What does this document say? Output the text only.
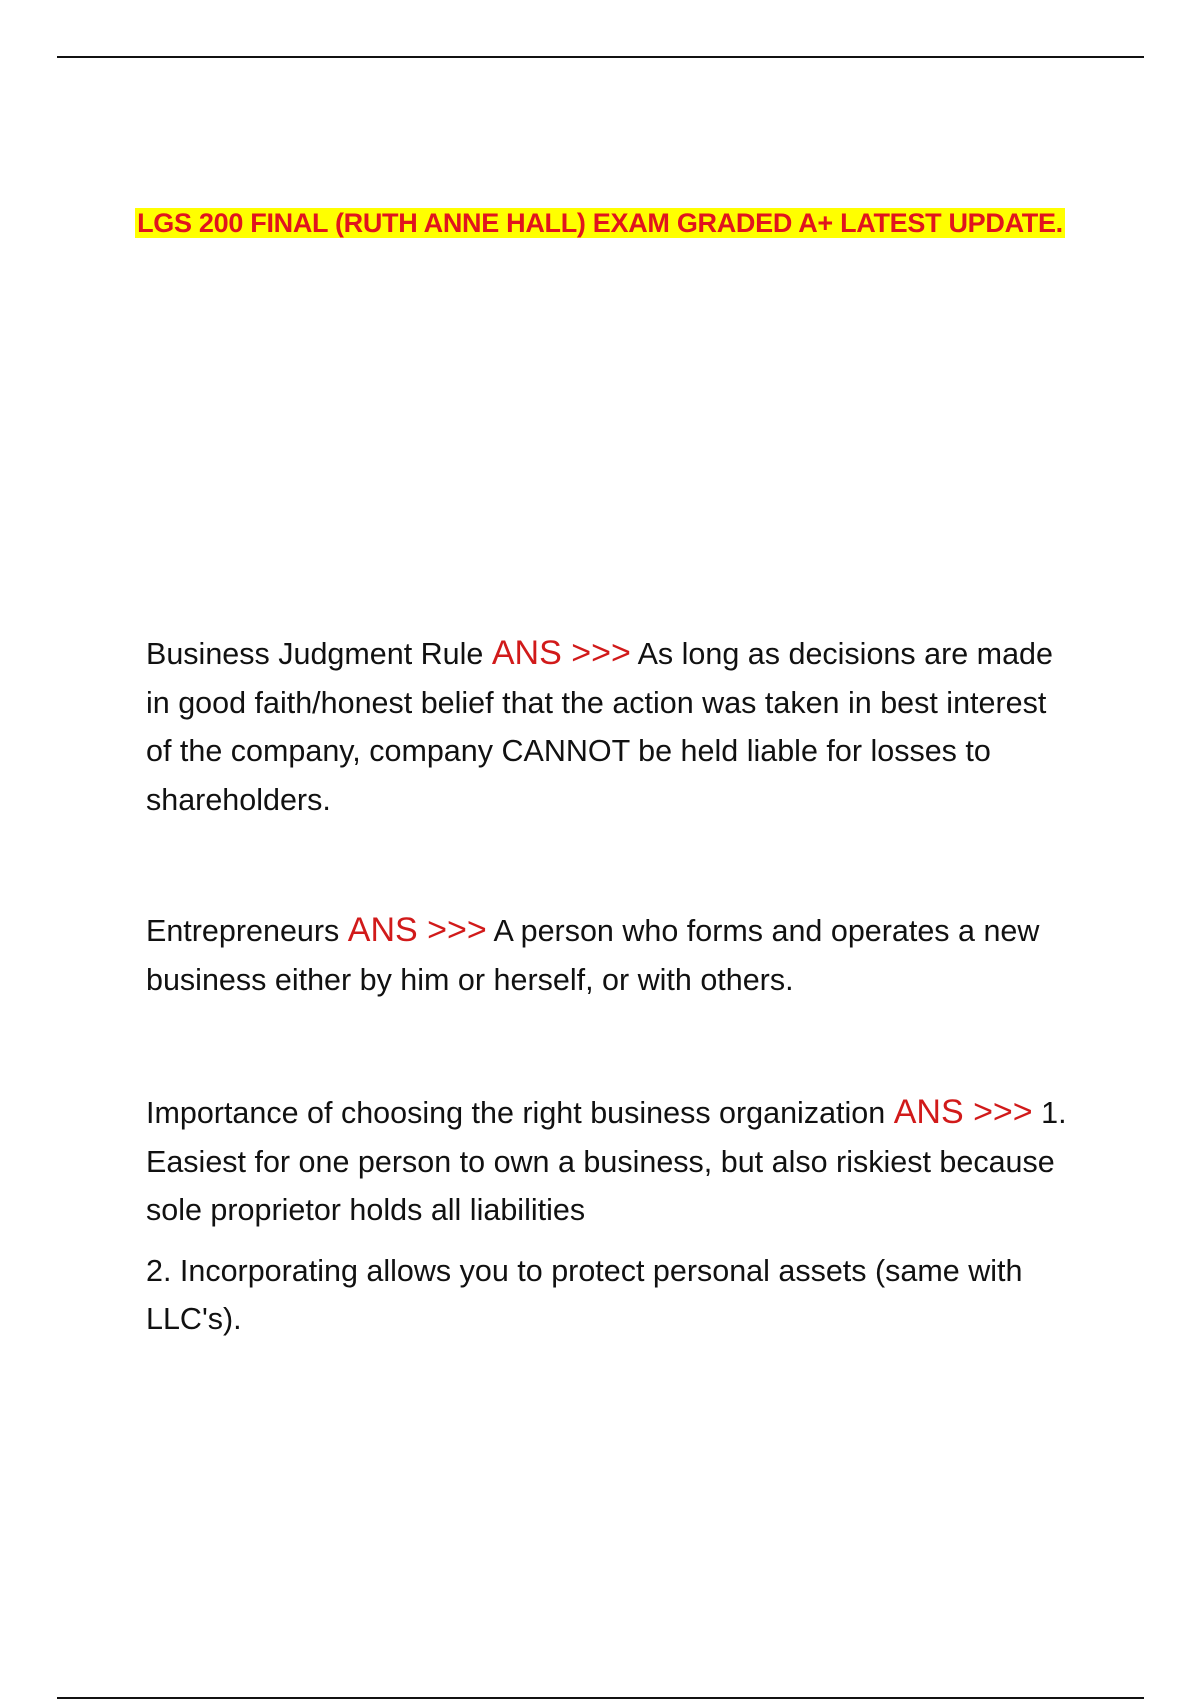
LGS 200 FINAL (RUTH ANNE HALL) EXAM GRADED A+ LATEST UPDATE.

Business Judgment Rule ANS >>> As long as decisions are made in good faith/honest belief that the action was taken in best interest of the company, company CANNOT be held liable for losses to shareholders.

Entrepreneurs ANS >>> A person who forms and operates a new business either by him or herself, or with others.

Importance of choosing the right business organization ANS >>> 1. Easiest for one person to own a business, but also riskiest because sole proprietor holds all liabilities

2. Incorporating allows you to protect personal assets (same with LLC's).
